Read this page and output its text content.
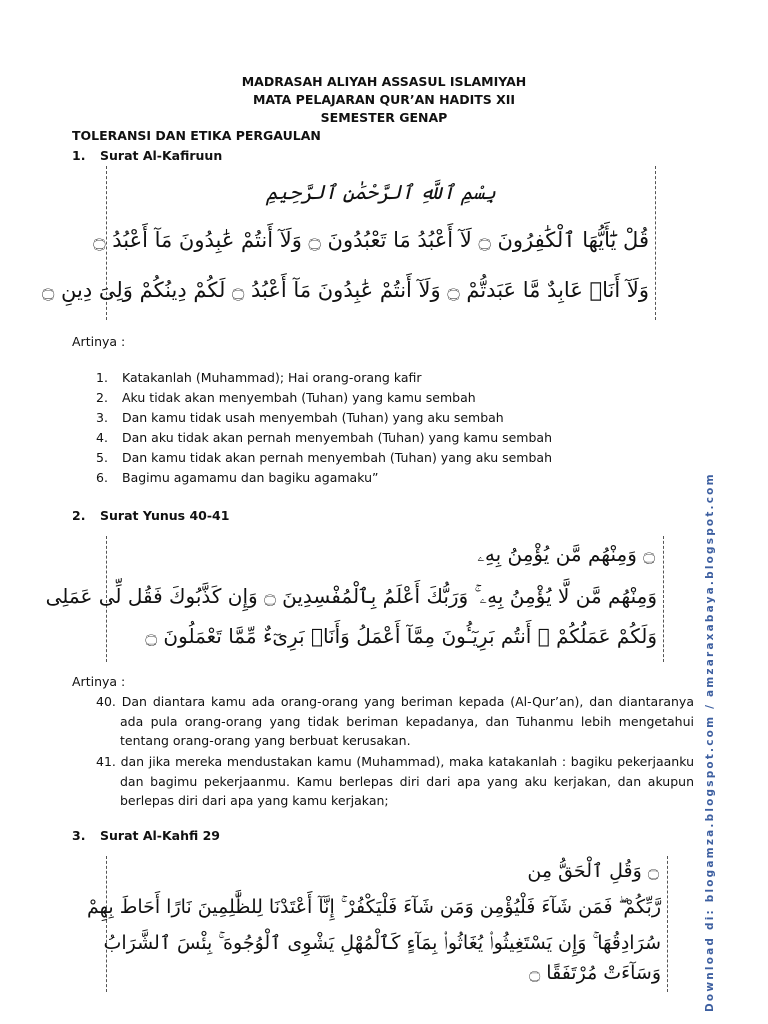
MADRASAH ALIYAH ASSASUL ISLAMIYAH
MATA PELAJARAN QUR’AN HADITS XII
SEMESTER GENAP
TOLERANSI DAN ETIKA PERGAULAN
1. Surat Al-Kafiruun
بِسْمِ ٱللَّهِ ٱلرَّحْمَٰنِ ٱلرَّحِيمِ
قُلْ يَٰٓأَيُّهَا ٱلْكَٰفِرُونَ ۝ لَآ أَعْبُدُ مَا تَعْبُدُونَ ۝ وَلَآ أَنتُمْ عَٰبِدُونَ مَآ أَعْبُدُ ۝
وَلَآ أَنَا۠ عَابِدٌ مَّا عَبَدتُّمْ ۝ وَلَآ أَنتُمْ عَٰبِدُونَ مَآ أَعْبُدُ ۝ لَكُمْ دِينُكُمْ وَلِىَ دِينِ ۝
Artinya :
1. Katakanlah (Muhammad); Hai orang-orang kafir
2. Aku tidak akan menyembah (Tuhan) yang kamu sembah
3. Dan kamu tidak usah menyembah (Tuhan) yang aku sembah
4. Dan aku tidak akan pernah menyembah (Tuhan) yang kamu sembah
5. Dan kamu tidak akan pernah menyembah (Tuhan) yang aku sembah
6. Bagimu agamamu dan bagiku agamaku”
2. Surat Yunus 40-41
۝ وَمِنْهُم مَّن يُؤْمِنُ بِهِۦ
وَمِنْهُم مَّن لَّا يُؤْمِنُ بِهِۦ ۚ وَرَبُّكَ أَعْلَمُ بِٱلْمُفْسِدِينَ ۝ وَإِن كَذَّبُوكَ فَقُل لِّى عَمَلِى
وَلَكُمْ عَمَلُكُمْ ۖ أَنتُم بَرِيٓـُٔونَ مِمَّآ أَعْمَلُ وَأَنَا۠ بَرِىٓءٌ مِّمَّا تَعْمَلُونَ ۝
Artinya :
40. Dan diantara kamu ada orang-orang yang beriman kepada (Al-Qur’an), dan diantaranya ada pula orang-orang yang tidak beriman kepadanya, dan Tuhanmu lebih mengetahui tentang orang-orang yang berbuat kerusakan.
41. dan jika mereka mendustakan kamu (Muhammad), maka katakanlah : bagiku pekerjaanku dan bagimu pekerjaanmu. Kamu berlepas diri dari apa yang aku kerjakan, dan akupun berlepas diri dari apa yang kamu kerjakan;
3. Surat Al-Kahfi 29
۝ وَقُلِ ٱلْحَقُّ مِن
رَّبِّكُمْ ۖ فَمَن شَآءَ فَلْيُؤْمِن وَمَن شَآءَ فَلْيَكْفُرْ ۚ إِنَّآ أَعْتَدْنَا لِلظَّٰلِمِينَ نَارًا أَحَاطَ بِهِمْ
سُرَادِقُهَا ۚ وَإِن يَسْتَغِيثُوا۟ يُغَاثُوا۟ بِمَآءٍ كَٱلْمُهْلِ يَشْوِى ٱلْوُجُوهَ ۚ بِئْسَ ٱلشَّرَابُ
وَسَآءَتْ مُرْتَفَقًا ۝	Download di: blogamza.blogspot.com / amzaraxabaya.blogspot.com
